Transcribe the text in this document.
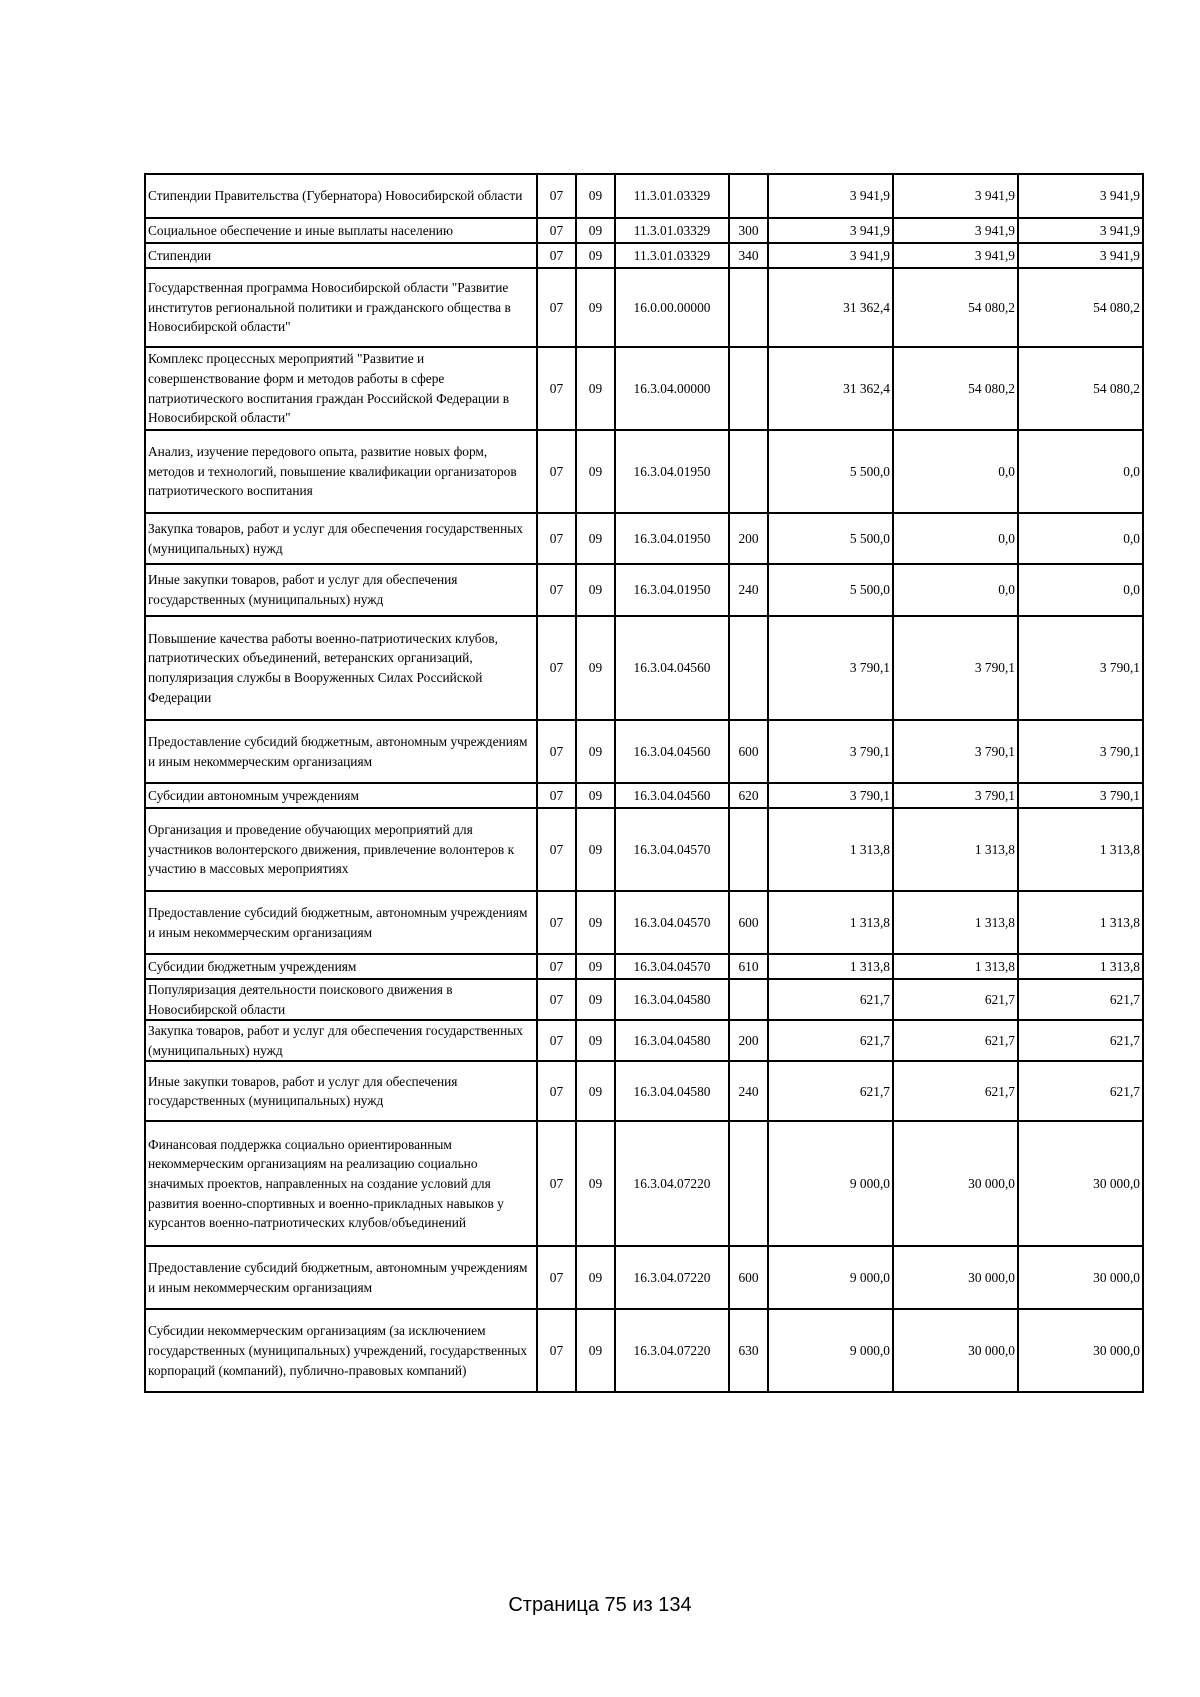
Стипендии Правительства (Губернатора) Новосибирской области	07	09	11.3.01.03329		3 941,9	3 941,9	3 941,9
Социальное обеспечение и иные выплаты населению	07	09	11.3.01.03329	300	3 941,9	3 941,9	3 941,9
Стипендии	07	09	11.3.01.03329	340	3 941,9	3 941,9	3 941,9
Государственная программа Новосибирской области "Развитие институтов региональной политики и гражданского общества в Новосибирской области"	07	09	16.0.00.00000		31 362,4	54 080,2	54 080,2
Комплекс процессных мероприятий "Развитие и совершенствование форм и методов работы в сфере патриотического воспитания граждан Российской Федерации в Новосибирской области"	07	09	16.3.04.00000		31 362,4	54 080,2	54 080,2
Анализ, изучение передового опыта, развитие новых форм, методов и технологий, повышение квалификации организаторов патриотического воспитания	07	09	16.3.04.01950		5 500,0	0,0	0,0
Закупка товаров, работ и услуг для обеспечения государственных (муниципальных) нужд	07	09	16.3.04.01950	200	5 500,0	0,0	0,0
Иные закупки товаров, работ и услуг для обеспечения государственных (муниципальных) нужд	07	09	16.3.04.01950	240	5 500,0	0,0	0,0
Повышение качества работы военно-патриотических клубов, патриотических объединений, ветеранских организаций, популяризация службы в Вооруженных Силах Российской Федерации	07	09	16.3.04.04560		3 790,1	3 790,1	3 790,1
Предоставление субсидий бюджетным, автономным учреждениям и иным некоммерческим организациям	07	09	16.3.04.04560	600	3 790,1	3 790,1	3 790,1
Субсидии автономным учреждениям	07	09	16.3.04.04560	620	3 790,1	3 790,1	3 790,1
Организация и проведение обучающих мероприятий для участников волонтерского движения, привлечение волонтеров к участию в массовых мероприятиях	07	09	16.3.04.04570		1 313,8	1 313,8	1 313,8
Предоставление субсидий бюджетным, автономным учреждениям и иным некоммерческим организациям	07	09	16.3.04.04570	600	1 313,8	1 313,8	1 313,8
Субсидии бюджетным учреждениям	07	09	16.3.04.04570	610	1 313,8	1 313,8	1 313,8
Популяризация деятельности поискового движения в Новосибирской области	07	09	16.3.04.04580		621,7	621,7	621,7
Закупка товаров, работ и услуг для обеспечения государственных (муниципальных) нужд	07	09	16.3.04.04580	200	621,7	621,7	621,7
Иные закупки товаров, работ и услуг для обеспечения государственных (муниципальных) нужд	07	09	16.3.04.04580	240	621,7	621,7	621,7
Финансовая поддержка социально ориентированным некоммерческим организациям на реализацию социально значимых проектов, направленных на создание условий для развития военно-спортивных и военно-прикладных навыков у курсантов военно-патриотических клубов/объединений	07	09	16.3.04.07220		9 000,0	30 000,0	30 000,0
Предоставление субсидий бюджетным, автономным учреждениям и иным некоммерческим организациям	07	09	16.3.04.07220	600	9 000,0	30 000,0	30 000,0
Субсидии некоммерческим организациям (за исключением государственных (муниципальных) учреждений, государственных корпораций (компаний), публично-правовых компаний)	07	09	16.3.04.07220	630	9 000,0	30 000,0	30 000,0
Страница 75 из 134
